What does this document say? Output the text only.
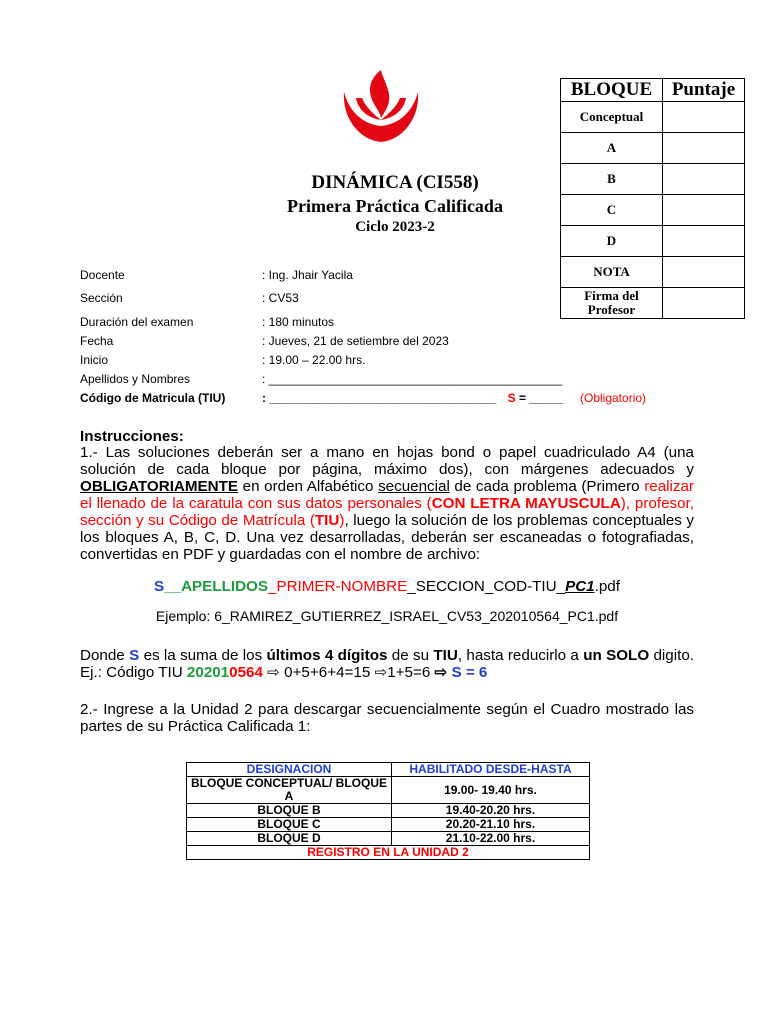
BLOQUE	Puntaje
Conceptual	
A	
B	
C	
D	
NOTA	
Firma del
Profesor	
DINÁMICA (CI558)
Primera Práctica Calificada
Ciclo 2023-2
Docente	: Ing. Jhair Yacila
Sección	: CV53
Duración del examen	: 180 minutos
Fecha	: Jueves, 21 de setiembre del 2023
Inicio	: 19.00 – 22.00 hrs.
Apellidos y Nombres	: ____________________________________________
Código de Matricula (TIU)	: __________________________________ S = _____ (Obligatorio)
Instrucciones:
1.- Las soluciones deberán ser a mano en hojas bond o papel cuadriculado A4 (una solución de cada bloque por página, máximo dos), con márgenes adecuados y OBLIGATORIAMENTE en orden Alfabético secuencial de cada problema (Primero realizar el llenado de la caratula con sus datos personales (CON LETRA MAYUSCULA), profesor, sección y su Código de Matrícula (TIU), luego la solución de los problemas conceptuales y los bloques A, B, C, D. Una vez desarrolladas, deberán ser escaneadas o fotografiadas, convertidas en PDF y guardadas con el nombre de archivo:
S__APELLIDOS_PRIMER-NOMBRE_SECCION_COD-TIU_PC1.pdf
Ejemplo: 6_RAMIREZ_GUTIERREZ_ISRAEL_CV53_202010564_PC1.pdf
Donde S es la suma de los últimos 4 dígitos de su TIU, hasta reducirlo a un SOLO digito. Ej.: Código TIU 202010564 ⇨ 0+5+6+4=15 ⇨1+5=6 ⇨ S = 6
2.- Ingrese a la Unidad 2 para descargar secuencialmente según el Cuadro mostrado las partes de su Práctica Calificada 1:
DESIGNACION	HABILITADO DESDE-HASTA
BLOQUE CONCEPTUAL/ BLOQUE A	19.00- 19.40 hrs.
BLOQUE B	19.40-20.20 hrs.
BLOQUE C	20.20-21.10 hrs.
BLOQUE D	21.10-22.00 hrs.
REGISTRO EN LA UNIDAD 2	
